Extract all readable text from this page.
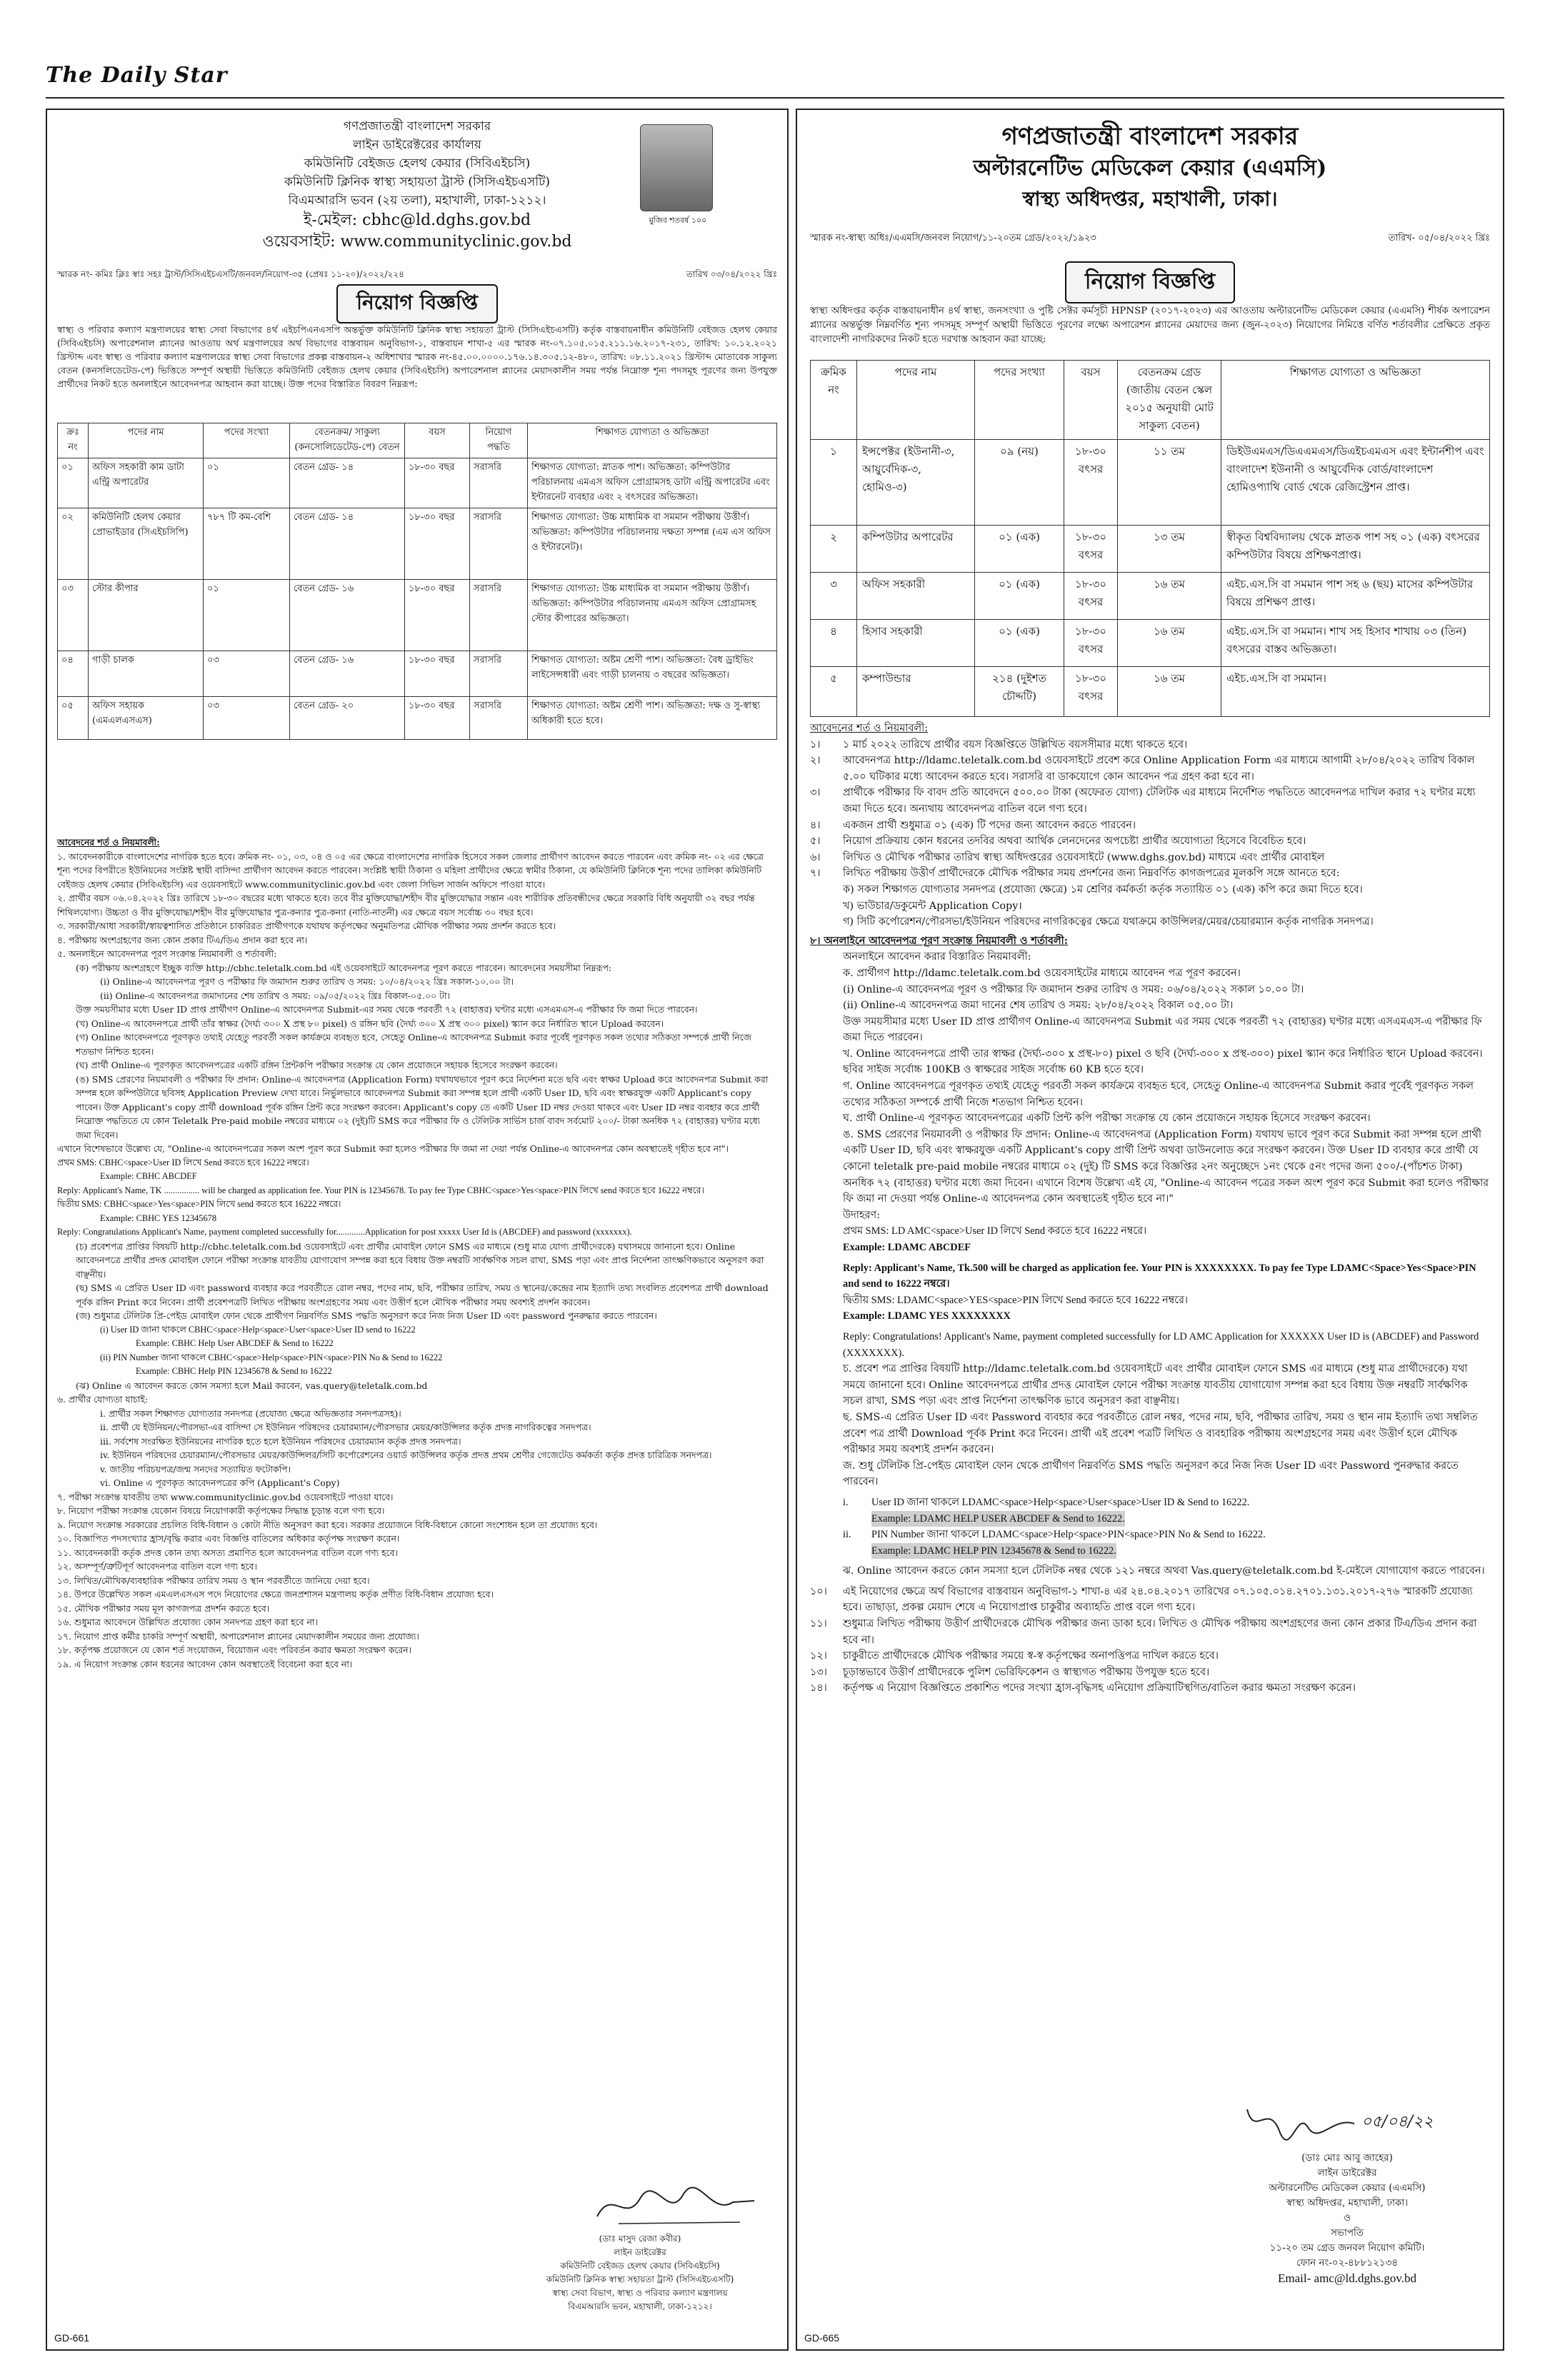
The Daily Star
গণপ্রজাতন্ত্রী বাংলাদেশ সরকার
লাইন ডাইরেক্টরের কার্যালয়
কমিউনিটি বেইজড হেলথ কেয়ার (সিবিএইচসি)
কমিউনিটি ক্লিনিক স্বাস্থ্য সহায়তা ট্রাস্ট (সিসিএইচএসটি)
বিএমআরসি ভবন (২য় তলা), মহাখালী, ঢাকা-১২১২।
ই-মেইল: cbhc@ld.dghs.gov.bd
ওয়েবসাইট: www.communityclinic.gov.bd
মুজিব শতবর্ষ ১০০
স্মারক নং- কমিঃ ক্লিঃ স্বাঃ সহঃ ট্রাস্ট/সিসিএইচএসটি/জনবল/নিয়োগ-৩৫ (প্রেষঃ ১১-২০)/২০২২/২২৪	তারিখ ০৩/০৪/২০২২ খ্রিঃ
নিয়োগ বিজ্ঞপ্তি
স্বাস্থ্য ও পরিবার কল্যাণ মন্ত্রণালয়ের স্বাস্থ্য সেবা বিভাগের ৪র্থ এইচপিএনএসপি অন্তর্ভুক্ত কমিউনিটি ক্লিনিক স্বাস্থ্য সহায়তা ট্রাস্ট (সিসিএইচএসটি) কর্তৃক বাস্তবায়নাধীন কমিউনিটি বেইজড হেলথ কেয়ার (সিবিএইচসি) অপারেশনাল প্ল্যানের আওতায় অর্থ মন্ত্রণালয়ের অর্থ বিভাগের বাস্তবায়ন অনুবিভাগ-১, বাস্তবায়ন শাখা-৫ এর স্মারক নং-০৭.১০৫.০১৫.২১১.১৬.২০১৭-২৩১, তারিখ: ১০.১২.২০২১ খ্রিস্টাব্দ এবং স্বাস্থ্য ও পরিবার কল্যাণ মন্ত্রণালয়ের স্বাস্থ্য সেবা বিভাগের প্রকল্প বাস্তবায়ন-২ অধিশাখার স্মারক নং-৪৫.০০.০০০০.১৭৬.১৪.৩০৫.১২-৪৮০, তারিখ: ০৮.১১.২০২১ খ্রিস্টাব্দ মোতাবেক সাকুল্য বেতন (কনসলিডেটেড-পে) ভিত্তিতে সম্পূর্ণ অস্থায়ী ভিত্তিতে কমিউনিটি বেইজড হেলথ কেয়ার (সিবিএইচসি) অপারেশনাল প্ল্যানের মেয়াদকালীন সময় পর্যন্ত নিম্নোক্ত শূন্য পদসমূহ পূরণের জন্য উপযুক্ত প্রার্থীদের নিকট হতে অনলাইনে আবেদনপত্র আহবান করা যাচ্ছে। উক্ত পদের বিস্তারিত বিবরণ নিম্নরূপ:
ক্রঃ নং	পদের নাম	পদের সংখ্যা	বেতনক্রম/ সাকুল্য (কনসোলিডেটেড-পে) বেতন	বয়স	নিয়োগ পদ্ধতি	শিক্ষাগত যোগ্যতা ও অভিজ্ঞতা
০১	অফিস সহকারী কাম ডাটা এন্ট্রি অপারেটর	০১	বেতন গ্রেড- ১৪	১৮-৩০ বছর	সরাসরি	শিক্ষাগত যোগ্যতা: স্নাতক পাশ। অভিজ্ঞতা: কম্পিউটার পরিচালনায় এমএস অফিস প্রোগ্রামসহ ডাটা এন্ট্রি অপারেটর এবং ইন্টারনেট ব্যবহার এবং ২ বৎসরের অভিজ্ঞতা।
০২	কমিউনিটি হেলথ কেয়ার প্রোভাইডার (সিএইচসিপি)	৭৮৭ টি কম-বেশি	বেতন গ্রেড- ১৪	১৮-৩০ বছর	সরাসরি	শিক্ষাগত যোগ্যতা: উচ্চ মাধ্যমিক বা সমমান পরীক্ষায় উত্তীর্ণ। অভিজ্ঞতা: কম্পিউটার পরিচালনায় দক্ষতা সম্পন্ন (এম এস অফিস ও ইন্টারনেট)।
০৩	স্টোর কীপার	০১	বেতন গ্রেড- ১৬	১৮-৩০ বছর	সরাসরি	শিক্ষাগত যোগ্যতা: উচ্চ মাধ্যমিক বা সমমান পরীক্ষায় উত্তীর্ণ। অভিজ্ঞতা: কম্পিউটার পরিচালনায় এমএস অফিস প্রোগ্রামসহ স্টোর কীপারের অভিজ্ঞতা।
০৪	গাড়ী চালক	০৩	বেতন গ্রেড- ১৬	১৮-৩০ বছর	সরাসরি	শিক্ষাগত যোগ্যতা: অষ্টম শ্রেণী পাশ। অভিজ্ঞতা: বৈধ ড্রাইভিং লাইসেন্সধারী এবং গাড়ী চালনায় ৩ বছরের অভিজ্ঞতা।
০৫	অফিস সহায়ক (এমএলএসএস)	০৩	বেতন গ্রেড- ২০	১৮-৩০ বছর	সরাসরি	শিক্ষাগত যোগ্যতা: অষ্টম শ্রেণী পাশ। অভিজ্ঞতা: দক্ষ ও সু-স্বাস্থ্য অধিকারী হতে হবে।

আবেদনের শর্ত ও নিয়মাবলী:

১. আবেদনকারীকে বাংলাদেশের নাগরিক হতে হবে। ক্রমিক নং- ০১, ০৩, ০৪ ও ০৫ এর ক্ষেত্রে বাংলাদেশের নাগরিক হিসেবে সকল জেলার প্রার্থীগণ আবেদন করতে পারবেন এবং ক্রমিক নং- ০২ এর ক্ষেত্রে শূন্য পদের বিপরীতে ইউনিয়নের সংশ্লিষ্ট স্থায়ী বাসিন্দা প্রার্থীগণ আবেদন করতে পারবেন। সংশ্লিষ্ট স্থায়ী ঠিকানা ও মহিলা প্রার্থীদের ক্ষেত্রে স্বামীর ঠিকানা, যে কমিউনিটি ক্লিনিকে শূন্য পদের তালিকা কমিউনিটি বেইজড হেলথ কেয়ার (সিবিএইচসি) এর ওয়েবসাইটে www.communityclinic.gov.bd এবং জেলা সিভিল সার্জন অফিসে পাওয়া যাবে।

২. প্রার্থীর বয়স ০৬.০৪.২০২২ খ্রিঃ তারিখে ১৮-৩০ বছরের মধ্যে থাকতে হবে। তবে বীর মুক্তিযোদ্ধা/শহীদ বীর মুক্তিযোদ্ধার সন্তান এবং শারীরিক প্রতিবন্ধীদের ক্ষেত্রে সরকারি বিধি অনুযায়ী ৩২ বছর পর্যন্ত শিথিলযোগ্য। উচ্চতা ও বীর মুক্তিযোদ্ধা/শহীদ বীর মুক্তিযোদ্ধার পুত্র-কন্যার পুত্র-কন্যা (নাতি-নাতনী) এর ক্ষেত্রে বয়স সর্বোচ্চ ৩০ বছর হবে।

৩. সরকারী/আধা সরকারী/স্বায়ত্বশাসিত প্রতিষ্ঠানে চাকরিরত প্রার্থীগণকে যথাযথ কর্তৃপক্ষের অনুমতিপত্র মৌখিক পরীক্ষার সময় প্রদর্শন করতে হবে।

৪. পরীক্ষায় অংশগ্রহণের জন্য কোন প্রকার টিএ/ডিএ প্রদান করা হবে না।

৫. অনলাইনে আবেদনপত্র পূরণ সংক্রান্ত নিয়মাবলী ও শর্তাবলী:

(ক) পরীক্ষায় অংশগ্রহণে ইচ্ছুক ব্যক্তি http://cbhc.teletalk.com.bd এই ওয়েবসাইটে আবেদনপত্র পূরণ করতে পারবেন। আবেদনের সময়সীমা নিম্নরূপ:

(i) Online-এ আবেদনপত্র পূরণ ও পরীক্ষার ফি জমাদান শুরুর তারিখ ও সময়: ১০/০৪/২০২২ খ্রিঃ সকাল-১০.০০ টা।

(ii) Online-এ আবেদনপত্র জমাদানের শেষ তারিখ ও সময়: ০৯/০৫/২০২২ খ্রিঃ বিকাল-০৫.০০ টা।

উক্ত সময়সীমার মধ্যে User ID প্রাপ্ত প্রার্থীগণ Online-এ আবেদনপত্র Submit-এর সময় থেকে পরবর্তী ৭২ (বাহাত্তর) ঘণ্টার মধ্যে এসএমএস-এ পরীক্ষার ফি জমা দিতে পারবেন।

(খ) Online-এ আবেদনপত্রে প্রার্থী তাঁর স্বাক্ষর (দৈর্ঘ্য ৩০০ X প্রস্থ ৮০ pixel) ও রঙ্গিন ছবি (দৈর্ঘ্য ৩০০ X প্রস্থ ৩০০ pixel) স্ক্যান করে নির্ধারিত স্থানে Upload করবেন।

(গ) Online আবেদনপত্রে পূরণকৃত তথ্যই যেহেতু পরবর্তী সকল কার্যক্রমে ব্যবহৃত হবে, সেহেতু Online-এ আবেদনপত্র Submit করার পূর্বেই পূরণকৃত সকল তথ্যের সঠিকতা সম্পর্কে প্রার্থী নিজে শতভাগ নিশ্চিত হবেন।

(ঘ) প্রার্থী Online-এ পূরণকৃত আবেদনপত্রের একটি রঙ্গিন প্রিন্টকপি পরীক্ষার সংক্রান্ত যে কোন প্রয়োজনে সহায়ক হিসেবে সংরক্ষণ করবেন।

(ঙ) SMS প্রেরণের নিয়মাবলী ও পরীক্ষার ফি প্রদান: Online-এ আবেদনপত্র (Application Form) যথাযথভাবে পূরণ করে নির্দেশনা মতে ছবি এবং স্বাক্ষর Upload করে আবেদনপত্র Submit করা সম্পন্ন হলে কম্পিউটারে ছবিসহ Application Preview দেখা যাবে। নির্ভুলভাবে আবেদনপত্র Submit করা সম্পন্ন হলে প্রার্থী একটি User ID, ছবি এবং স্বাক্ষরযুক্ত একটি Applicant's copy পাবেন। উক্ত Applicant's copy প্রার্থী download পূর্বক রঙ্গিন প্রিন্ট করে সংরক্ষণ করবেন। Applicant's copy তে একটি User ID নম্বর দেওয়া থাকবে এবং User ID নম্বর ব্যবহার করে প্রার্থী নিম্নোক্ত পদ্ধতিতে যে কোন Teletalk Pre-paid mobile নম্বরের মাধ্যমে ০২ (দুই)টি SMS করে পরীক্ষার ফি ও টেলিটক সার্ভিস চার্জ বাবদ সর্বমোট ২০০/- টাকা অনধিক ৭২ (বাহাত্তর) ঘণ্টার মধ্যে জমা দিবেন।

এখানে বিশেষভাবে উল্লেখ্য যে, "Online-এ আবেদনপত্রের সকল অংশ পূরণ করে Submit করা হলেও পরীক্ষার ফি জমা না দেয়া পর্যন্ত Online-এ আবেদনপত্র কোন অবস্থাতেই গৃহীত হবে না"।

প্রথম SMS: CBHC<space>User ID লিখে Send করতে হবে 16222 নম্বরে।

Example: CBHC ABCDEF

Reply: Applicant's Name, TK ................ will be charged as application fee. Your PIN is 12345678. To pay fee Type CBHC<space>Yes<space>PIN লিখে send করতে হবে 16222 নম্বরে।

দ্বিতীয় SMS: CBHC<space>Yes<space>PIN লিখে send করতে হবে 16222 নম্বরে।

Example: CBHC YES 12345678

Reply: Congratulations Applicant's Name, payment completed successfully for.............Application for post xxxxx User Id is (ABCDEF) and password (xxxxxxx).

(চ) প্রবেশপত্র প্রাপ্তির বিষয়টি http://cbhc.teletalk.com.bd ওয়েবসাইটে এবং প্রার্থীর মোবাইল ফোনে SMS এর মাধ্যমে (শুধু মাত্র যোগ্য প্রার্থীদেরকে) যথাসময়ে জানানো হবে। Online আবেদনপত্রে প্রার্থীর প্রদত্ত মোবাইল ফোনে পরীক্ষা সংক্রান্ত যাবতীয় যোগাযোগ সম্পন্ন করা হবে বিধায় উক্ত নম্বরটি সার্বক্ষণিক সচল রাখা, SMS পড়া এবং প্রাপ্ত নির্দেশনা তাৎক্ষণিকভাবে অনুসরণ করা বাঞ্ছনীয়।

(ছ) SMS এ প্রেরিত User ID এবং password ব্যবহার করে পরবর্তীতে রোল নম্বর, পদের নাম, ছবি, পরীক্ষার তারিখ, সময় ও স্থানের/কেন্দ্রের নাম ইত্যাদি তথ্য সংবলিত প্রবেশপত্র প্রার্থী download পূর্বক রঙ্গিন Print করে নিবেন। প্রার্থী প্রবেশপত্রটি লিখিত পরীক্ষায় অংশগ্রহণের সময় এবং উত্তীর্ণ হলে মৌখিক পরীক্ষার সময় অবশ্যই প্রদর্শন করবেন।

(জ) শুধুমাত্র টেলিটক প্রি-পেইড মোবাইল ফোন থেকে প্রার্থীগণ নিম্নবর্ণিত SMS পদ্ধতি অনুসরণ করে নিজ নিজ User ID এবং password পুনরুদ্ধার করতে পারবেন।

(i) User ID জানা থাকলে CBHC<space>Help<space>User<space>User ID send to 16222

Example: CBHC Help User ABCDEF & Send to 16222

(ii) PIN Number জানা থাকলে CBHC<space>Help<space>PIN<space>PIN No & Send to 16222

Example: CBHC Help PIN 12345678 & Send to 16222

(ঝ) Online এ আবেদন করতে কোন সমস্যা হলে Mail করবেন, vas.query@teletalk.com.bd

৬. প্রার্থীর যোগ্যতা যাচাই:

i. প্রার্থীর সকল শিক্ষাগত যোগ্যতার সনদপত্র (প্রযোজ্য ক্ষেত্রে অভিজ্ঞতার সনদপত্রসহ)।

ii. প্রার্থী যে ইউনিয়ন/পৌরসভা-এর বাসিন্দা সে ইউনিয়ন পরিষদের চেয়ারম্যান/পৌরসভার মেয়র/কাউন্সিলর কর্তৃক প্রদত্ত নাগরিকত্বের সনদপত্র।

iii. সর্বশেষ সংরক্ষিত ইউনিয়নের নাগরিক হতে হলে ইউনিয়ন পরিষদের চেয়ারম্যান কর্তৃক প্রদত্ত সনদপত্র।

iv. ইউনিয়ন পরিষদের চেয়ারম্যান/পৌরসভার মেয়র/কাউন্সিলর/সিটি কর্পোরেশনের ওয়ার্ড কাউন্সিলর কর্তৃক প্রদত্ত প্রথম শ্রেণীর গেজেটেড কর্মকর্তা কর্তৃক প্রদত্ত চারিত্রিক সনদপত্র।

v. জাতীয় পরিচয়পত্র/জন্ম সনদের সত্যায়িত ফটোকপি।

vi. Online এ পূরণকৃত আবেদনপত্রের কপি (Applicant's Copy)

৭. পরীক্ষা সংক্রান্ত যাবতীয় তথ্য www.communityclinic.gov.bd ওয়েবসাইটে পাওয়া যাবে।

৮. নিয়োগ পরীক্ষা সংক্রান্ত যেকোন বিষয়ে নিয়োগকারী কর্তৃপক্ষের সিদ্ধান্ত চূড়ান্ত বলে গণ্য হবে।

৯. নিয়োগ সংক্রান্ত সরকারের প্রচলিত বিধি-বিধান ও কোটা নীতি অনুসরণ করা হবে। সরকার প্রয়োজনে বিধি-বিধানে কোনো সংশোধন হলে তা প্রযোজ্য হবে।

১০. বিজ্ঞাপিত পদসংখ্যার হ্রাস/বৃদ্ধি করার এবং বিজ্ঞপ্তি বাতিলের অধিকার কর্তৃপক্ষ সংরক্ষণ করেন।

১১. আবেদনকারী কর্তৃক প্রদত্ত কোন তথ্য অসত্য প্রমাণিত হলে আবেদনপত্র বাতিল বলে গণ্য হবে।

১২. অসম্পূর্ণ/ত্রুটিপূর্ণ আবেদনপত্র বাতিল বলে গণ্য হবে।

১৩. লিখিত/মৌখিক/ব্যবহারিক পরীক্ষার তারিখ সময় ও স্থান পরবর্তীতে জানিয়ে দেয়া হবে।

১৪. উপরে উল্লেখিত সকল এমএলএসএস পদে নিয়োগের ক্ষেত্রে জনপ্রশাসন মন্ত্রণালয় কর্তৃক প্রণীত বিধি-বিধান প্রযোজ্য হবে।

১৫. মৌখিক পরীক্ষার সময় মূল কাগজপত্র প্রদর্শন করতে হবে।

১৬. শুধুমাত্র আবেদনে উল্লিখিত প্রযোজ্য কোন সনদপত্র গ্রহণ করা হবে না।

১৭. নিয়োগ প্রাপ্ত কর্মীর চাকরি সম্পূর্ণ অস্থায়ী, অপারেশনাল প্ল্যানের মেয়াদকালীন সময়ের জন্য প্রযোজ্য।

১৮. কর্তৃপক্ষ প্রয়োজনে যে কোন শর্ত সংযোজন, বিয়োজন এবং পরিবর্তন করার ক্ষমতা সংরক্ষণ করেন।

১৯. এ নিয়োগ সংক্রান্ত কোন ধরনের আবেদন কোন অবস্থাতেই বিবেচনা করা হবে না।

(ডাঃ মাসুদ রেজা কবীর)
লাইন ডাইরেক্টর
কমিউনিটি বেইজড হেলথ কেয়ার (সিবিএইচসি)
কমিউনিটি ক্লিনিক স্বাস্থ্য সহায়তা ট্রাস্ট (সিসিএইচএসটি)
স্বাস্থ্য সেবা বিভাগ, স্বাস্থ্য ও পরিবার কল্যাণ মন্ত্রণালয়
বিএমআরসি ভবন, মহাখালী, ঢাকা-১২১২।
GD-661
গণপ্রজাতন্ত্রী বাংলাদেশ সরকার
অল্টারনেটিভ মেডিকেল কেয়ার (এএমসি)
স্বাস্থ্য অধিদপ্তর, মহাখালী, ঢাকা।
স্মারক নং-স্বাস্থ্য অধিঃ/এএমসি/জনবল নিয়োগ/১১-২০তম গ্রেড/২০২২/১৯২৩	তারিখ- ০৫/০৪/২০২২ খ্রিঃ
নিয়োগ বিজ্ঞপ্তি
স্বাস্থ্য অধিদপ্তর কর্তৃক বাস্তবায়নাধীন ৪র্থ স্বাস্থ্য, জনসংখ্যা ও পুষ্টি সেক্টর কর্মসূচী HPNSP (২০১৭-২০২৩) এর আওতায় অল্টারনেটিভ মেডিকেল কেয়ার (এএমসি) শীর্ষক অপারেশন প্ল্যানের অন্তর্ভুক্ত নিম্নবর্ণিত শূন্য পদসমূহ সম্পূর্ণ অস্থায়ী ভিত্তিতে পূরণের লক্ষ্যে অপারেশন প্ল্যানের মেয়াদের জন্য (জুন-২০২৩) নিয়োগের নিমিত্তে বর্ণিত শর্তাবলীর প্রেক্ষিতে প্রকৃত বাংলাদেশী নাগরিকদের নিকট হতে দরখাস্ত আহবান করা যাচ্ছে:
ক্রমিক নং	পদের নাম	পদের সংখ্যা	বয়স	বেতনক্রম গ্রেড (জাতীয় বেতন স্কেল ২০১৫ অনুযায়ী মোট সাকুল্য বেতন)	শিক্ষাগত যোগ্যতা ও অভিজ্ঞতা
১	ইন্সপেক্টর (ইউনানী-৩, আয়ুর্বেদিক-৩, হোমিও-৩)	০৯ (নয়)	১৮-৩০ বৎসর	১১ তম	ডিইউএমএস/ডিএএমএস/ডিএইচএমএস এবং ইন্টার্নশীপ এবং বাংলাদেশ ইউনানী ও আয়ুর্বেদিক বোর্ড/বাংলাদেশ হোমিওপ্যাথি বোর্ড থেকে রেজিস্ট্রেশন প্রাপ্ত।
২	কম্পিউটার অপারেটর	০১ (এক)	১৮-৩০ বৎসর	১৩ তম	স্বীকৃত বিশ্ববিদ্যালয় থেকে স্নাতক পাশ সহ ০১ (এক) বৎসরের কম্পিউটার বিষয়ে প্রশিক্ষণপ্রাপ্ত।
৩	অফিস সহকারী	০১ (এক)	১৮-৩০ বৎসর	১৬ তম	এইচ.এস.সি বা সমমান পাশ সহ ৬ (ছয়) মাসের কম্পিউটার বিষয়ে প্রশিক্ষণ প্রাপ্ত।
৪	হিসাব সহকারী	০১ (এক)	১৮-৩০ বৎসর	১৬ তম	এইচ.এস.সি বা সমমান। শাখ সহ হিসাব শাখায় ০৩ (তিন) বৎসরের বাস্তব অভিজ্ঞতা।
৫	কম্পাউন্ডার	২১৪ (দুইশত চৌদ্দটি)	১৮-৩০ বৎসর	১৬ তম	এইচ.এস.সি বা সমমান।
আবেদনের শর্ত ও নিয়মাবলী:
১।	১ মার্চ ২০২২ তারিখে প্রার্থীর বয়স বিজ্ঞপ্তিতে উল্লিখিত বয়সসীমার মধ্যে থাকতে হবে।
২।	আবেদনপত্র http://ldamc.teletalk.com.bd ওয়েবসাইটে প্রবেশ করে Online Application Form এর মাধ্যমে আগামী ২৮/০৪/২০২২ তারিখ বিকাল ৫.০০ ঘটিকার মধ্যে আবেদন করতে হবে। সরাসরি বা ডাকযোগে কোন আবেদন পত্র গ্রহণ করা হবে না।
৩।	প্রার্থীকে পরীক্ষার ফি বাবদ প্রতি আবেদনে ৫০০.০০ টাকা (অফেরত যোগ্য) টেলিটক এর মাধ্যমে নির্দেশিত পদ্ধতিতে আবেদনপত্র দাখিল করার ৭২ ঘণ্টার মধ্যে জমা দিতে হবে। অন্যথায় আবেদনপত্র বাতিল বলে গণ্য হবে।
৪।	একজন প্রার্থী শুধুমাত্র ০১ (এক) টি পদের জন্য আবেদন করতে পারবেন।
৫।	নিয়োগ প্রক্রিয়ায় কোন ধরনের তদবির অথবা আর্থিক লেনদেনের অপচেষ্টা প্রার্থীর অযোগ্যতা হিসেবে বিবেচিত হবে।
৬।	লিখিত ও মৌখিক পরীক্ষার তারিখ স্বাস্থ্য অধিদপ্তরের ওয়েবসাইটে (www.dghs.gov.bd) মাধ্যমে এবং প্রার্থীর মোবাইল
৭।	লিখিত পরীক্ষায় উত্তীর্ণ প্রার্থীদেরকে মৌখিক পরীক্ষার সময় প্রদর্শনের জন্য নিম্নবর্ণিত কাগজপত্রের মূলকপি সঙ্গে আনতে হবে:
ক) সকল শিক্ষাগত যোগ্যতার সনদপত্র (প্রযোজ্য ক্ষেত্রে) ১ম শ্রেণির কর্মকর্তা কর্তৃক সত্যায়িত ০১ (এক) কপি করে জমা দিতে হবে।
খ) ভাউচার/ডকুমেন্ট Application Copy।
গ) সিটি কর্পোরেশন/পৌরসভা/ইউনিয়ন পরিষদের নাগরিকত্বের ক্ষেত্রে যথাক্রমে কাউন্সিলর/মেয়র/চেয়ারম্যান কর্তৃক নাগরিক সনদপত্র।
৮। অনলাইনে আবেদনপত্র পূরণ সংক্রান্ত নিয়মাবলী ও শর্তাবলী:
অনলাইনে আবেদন করার বিস্তারিত নিয়মাবলী:
ক. প্রার্থীগণ http://ldamc.teletalk.com.bd ওয়েবসাইটের মাধ্যমে আবেদন পত্র পূরণ করবেন।
(i) Online-এ আবেদনপত্র পূরণ ও পরীক্ষার ফি জমাদান শুরুর তারিখ ও সময়: ০৬/০৪/২০২২ সকাল ১০.০০ টা।
(ii) Online-এ আবেদনপত্র জমা দানের শেষ তারিখ ও সময়: ২৮/০৪/২০২২ বিকাল ০৫.০০ টা।
উক্ত সময়সীমার মধ্যে User ID প্রাপ্ত প্রার্থীগণ Online-এ আবেদনপত্র Submit এর সময় থেকে পরবর্তী ৭২ (বাহাত্তর) ঘণ্টার মধ্যে এসএমএস-এ পরীক্ষার ফি জমা দিতে পারবেন।
খ. Online আবেদনপত্রে প্রার্থী তার স্বাক্ষর (দৈর্ঘ্য-৩০০ x প্রস্থ-৮০) pixel ও ছবি (দৈর্ঘ্য-৩০০ x প্রস্থ-৩০০) pixel স্ক্যান করে নির্ধারিত স্থানে Upload করবেন। ছবির সাইজ সর্বোচ্চ 100KB ও স্বাক্ষরের সাইজ সর্বোচ্চ 60 KB হতে হবে।
গ. Online আবেদনপত্রে পূরণকৃত তথ্যই যেহেতু পরবর্তী সকল কার্যক্রমে ব্যবহৃত হবে, সেহেতু Online-এ আবেদনপত্র Submit করার পূর্বেই পূরণকৃত সকল তথ্যের সঠিকতা সম্পর্কে প্রার্থী নিজে শতভাগ নিশ্চিত হবেন।
ঘ. প্রার্থী Online-এ পূরণকৃত আবেদনপত্রের একটি প্রিন্ট কপি পরীক্ষা সংক্রান্ত যে কোন প্রয়োজনে সহায়ক হিসেবে সংরক্ষণ করবেন।
ঙ. SMS প্রেরণের নিয়মাবলী ও পরীক্ষার ফি প্রদান: Online-এ আবেদনপত্র (Application Form) যথাযথ ভাবে পূরণ করে Submit করা সম্পন্ন হলে প্রার্থী একটি User ID, ছবি এবং স্বাক্ষরযুক্ত একটি Applicant's copy প্রার্থী প্রিন্ট অথবা ডাউনলোড করে সংরক্ষণ করবেন। উক্ত User ID ব্যবহার করে প্রার্থী যে কোনো teletalk pre-paid mobile নম্বরের মাধ্যমে ০২ (দুই) টি SMS করে বিজ্ঞপ্তির ২নং অনুচ্ছেদে ১নং থেকে ৫নং পদের জন্য ৫০০/-(পাঁচশত টাকা) অনধিক ৭২ (বাহাত্তর) ঘণ্টার মধ্যে জমা দিবেন। এখানে বিশেষ উল্লেখ্য এই যে, "Online-এ আবেদন পত্রের সকল অংশ পূরণ করে Submit করা হলেও পরীক্ষার ফি জমা না দেওয়া পর্যন্ত Online-এ আবেদনপত্র কোন অবস্থাতেই গৃহীত হবে না।"
উদাহরণ:
প্রথম SMS: LD AMC<space>User ID লিখে Send করতে হবে 16222 নম্বরে।
Example: LDAMC ABCDEF
Reply: Applicant's Name, Tk.500 will be charged as application fee. Your PIN is XXXXXXXX. To pay fee Type LDAMC<Space>Yes<Space>PIN and send to 16222 নম্বরে।
দ্বিতীয় SMS: LDAMC<space>YES<space>PIN লিখে Send করতে হবে 16222 নম্বরে।
Example: LDAMC YES XXXXXXXX
Reply: Congratulations! Applicant's Name, payment completed successfully for LD AMC Application for XXXXXX User ID is (ABCDEF) and Password (XXXXXXX).
চ. প্রবেশ পত্র প্রাপ্তির বিষয়টি http://ldamc.teletalk.com.bd ওয়েবসাইটে এবং প্রার্থীর মোবাইল ফোনে SMS এর মাধ্যমে (শুধু মাত্র প্রার্থীদেরকে) যথা সময়ে জানানো হবে। Online আবেদনপত্রে প্রার্থীর প্রদত্ত মোবাইল ফোনে পরীক্ষা সংক্রান্ত যাবতীয় যোগাযোগ সম্পন্ন করা হবে বিধায় উক্ত নম্বরটি সার্বক্ষণিক সচল রাখা, SMS পড়া এবং প্রাপ্ত নির্দেশনা তাৎক্ষণিক ভাবে অনুসরণ করা বাঞ্ছনীয়।
ছ. SMS-এ প্রেরিত User ID এবং Password ব্যবহার করে পরবর্তীতে রোল নম্বর, পদের নাম, ছবি, পরীক্ষার তারিখ, সময় ও স্থান নাম ইত্যাদি তথ্য সম্বলিত প্রবেশ পত্র প্রার্থী Download পূর্বক Print করে নিবেন। প্রার্থী এই প্রবেশ পত্রটি লিখিত ও ব্যবহারিক পরীক্ষায় অংশগ্রহণের সময় এবং উত্তীর্ণ হলে মৌখিক পরীক্ষার সময় অবশ্যই প্রদর্শন করবেন।
জ. শুধু টেলিটক প্রি-পেইড মোবাইল ফোন থেকে প্রার্থীগণ নিম্নবর্ণিত SMS পদ্ধতি অনুসরণ করে নিজ নিজ User ID এবং Password পুনরুদ্ধার করতে পারবেন।
i.	User ID জানা থাকলে LDAMC<space>Help<space>User<space>User ID & Send to 16222.
Example: LDAMC HELP USER ABCDEF & Send to 16222.
ii.	PIN Number জানা থাকলে LDAMC<space>Help<space>PIN<space>PIN No & Send to 16222.
Example: LDAMC HELP PIN 12345678 & Send to 16222.
ঝ. Online আবেদন করতে কোন সমস্যা হলে টেলিটক নম্বর থেকে ১২১ নম্বরে অথবা Vas.query@teletalk.com.bd ই-মেইলে যোগাযোগ করতে পারবেন।
১০।	এই নিয়োগের ক্ষেত্রে অর্থ বিভাগের বাস্তবায়ন অনুবিভাগ-১ শাখা-৪ এর ২৪.০৪.২০১৭ তারিখের ০৭.১০৫.০১৪.২৭০১.১৩১.২০১৭-২৭৬ স্মারকটি প্রযোজ্য হবে। তাছাড়া, প্রকল্প মেয়াদ শেষে এ নিয়োগপ্রাপ্ত চাকুরীর অব্যাহতি প্রাপ্ত বলে গণ্য হবে।
১১।	শুধুমাত্র লিখিত পরীক্ষায় উত্তীর্ণ প্রার্থীদেরকে মৌখিক পরীক্ষার জন্য ডাকা হবে। লিখিত ও মৌখিক পরীক্ষায় অংশগ্রহণের জন্য কোন প্রকার টিএ/ডিএ প্রদান করা হবে না।
১২।	চাকুরীতে প্রার্থীদেরকে মৌখিক পরীক্ষার সময়ে স্ব-স্ব কর্তৃপক্ষের অনাপত্তিপত্র দাখিল করতে হবে।
১৩।	চূড়ান্তভাবে উত্তীর্ণ প্রার্থীদেরকে পুলিশ ভেরিফিকেশন ও স্বাস্থ্যগত পরীক্ষায় উপযুক্ত হতে হবে।
১৪।	কর্তৃপক্ষ এ নিয়োগ বিজ্ঞপ্তিতে প্রকাশিত পদের সংখ্যা হ্রাস-বৃদ্ধিসহ এনিয়োগ প্রক্রিয়াটিস্থগিত/বাতিল করার ক্ষমতা সংরক্ষণ করেন।
০৫/০৪/২২
(ডাঃ মোঃ আবু জাহের)
লাইন ডাইরেক্টর
অল্টারনেটিভ মেডিকেল কেয়ার (এএমসি)
স্বাস্থ্য অধিদপ্তর, মহাখালী, ঢাকা।
ও
সভাপতি
১১-২০ তম গ্রেড জনবল নিয়োগ কমিটি।
ফোন নং-০২-৪৮৮১২১৩৪
Email- amc@ld.dghs.gov.bd
GD-665
